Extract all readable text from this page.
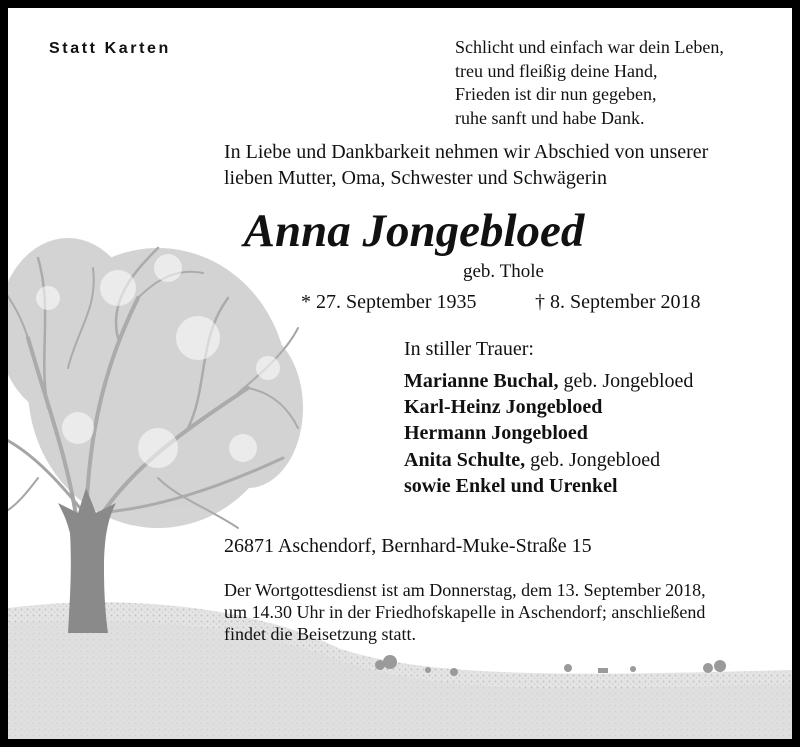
Statt Karten	Schlicht und einfach war dein Leben,
treu und fleißig deine Hand,
Frieden ist dir nun gegeben,
ruhe sanft und habe Dank.
In Liebe und Dankbarkeit nehmen wir Abschied von unserer
lieben Mutter, Oma, Schwester und Schwägerin
Anna Jongebloed
geb. Thole
* 27. September 1935	† 8. September 2018
In stiller Trauer:
Marianne Buchal, geb. Jongebloed
Karl-Heinz Jongebloed
Hermann Jongebloed
Anita Schulte, geb. Jongebloed
sowie Enkel und Urenkel
26871 Aschendorf, Bernhard-Muke-Straße 15
Der Wortgottesdienst ist am Donnerstag, dem 13. September 2018,
um 14.30 Uhr in der Friedhofskapelle in Aschendorf; anschließend
findet die Beisetzung statt.
